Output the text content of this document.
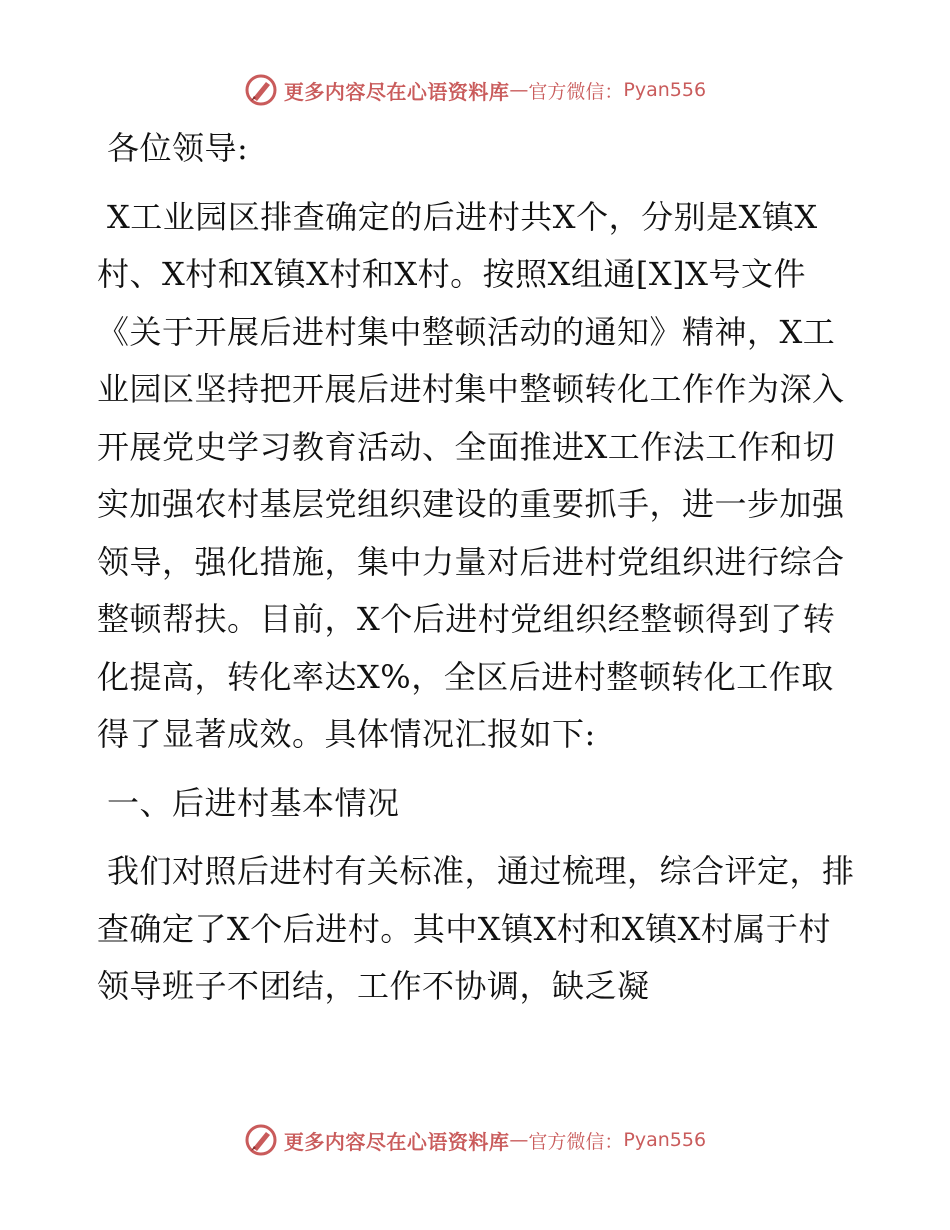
更多内容尽在心语资料库 — 官方微信： Pyan556

各位领导:

X工业园区排查确定的后进村共X个，分别是X镇X村、X村和X镇X村和X村。按照X组通[X]X号文件《关于开展后进村集中整顿活动的通知》精神，X工业园区坚持把开展后进村集中整顿转化工作作为深入开展党史学习教育活动、全面推进X工作法工作和切实加强农村基层党组织建设的重要抓手，进一步加强领导，强化措施，集中力量对后进村党组织进行综合整顿帮扶。目前，X个后进村党组织经整顿得到了转化提高，转化率达X%，全区后进村整顿转化工作取得了显著成效。具体情况汇报如下:

一、后进村基本情况

我们对照后进村有关标准，通过梳理，综合评定，排查确定了X个后进村。其中X镇X村和X镇X村属于村领导班子不团结，工作不协调，缺乏凝

更多内容尽在心语资料库 — 官方微信： Pyan556
